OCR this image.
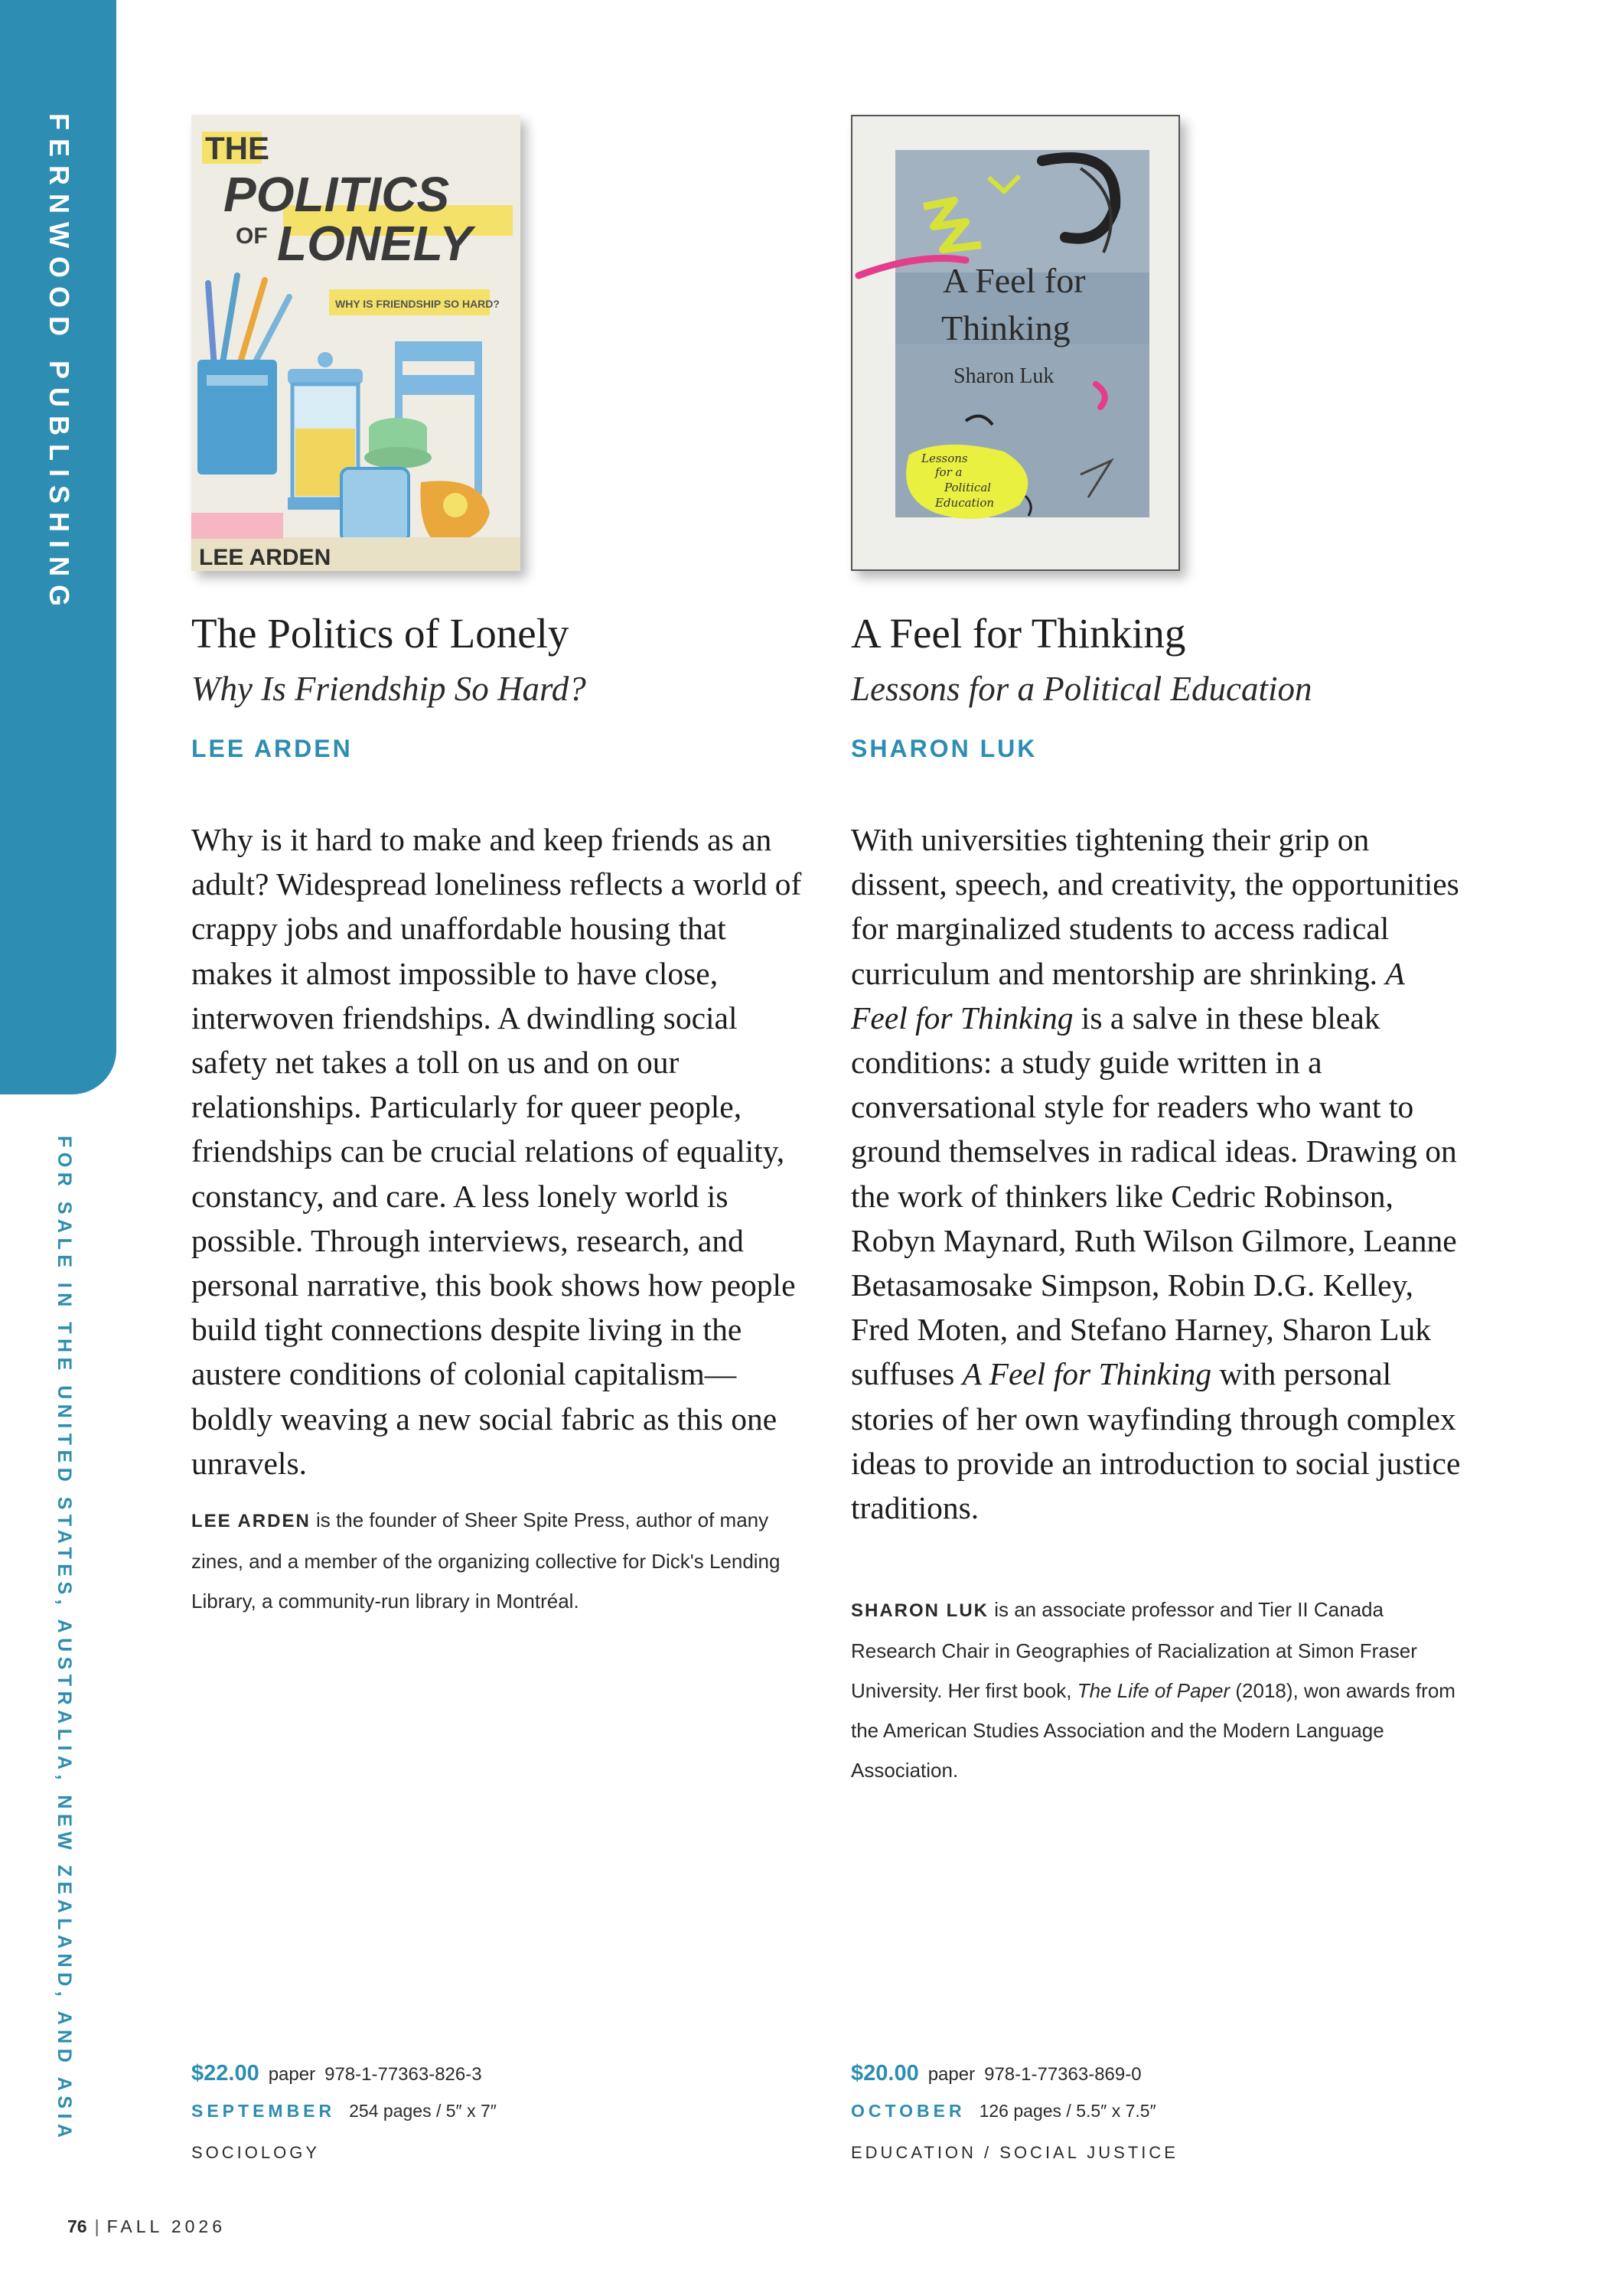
FERNWOOD PUBLISHING
FOR SALE IN THE UNITED STATES, AUSTRALIA, NEW ZEALAND, AND ASIA
THE
POLITICS
OF LONELY
WHY IS FRIENDSHIP SO HARD?
LEE ARDEN
The Politics of Lonely
Why Is Friendship So Hard?
LEE ARDEN
Why is it hard to make and keep friends as an adult? Widespread loneliness reflects a world of crappy jobs and unaffordable housing that makes it almost impossible to have close, interwoven friendships. A dwindling social safety net takes a toll on us and on our relationships. Particularly for queer people, friendships can be crucial relations of equality, constancy, and care. A less lonely world is possible. Through interviews, research, and personal narrative, this book shows how people build tight connections despite living in the austere conditions of colonial capitalism—boldly weaving a new social fabric as this one unravels.
LEE ARDEN is the founder of Sheer Spite Press, author of many zines, and a member of the organizing collective for Dick's Lending Library, a community-run library in Montréal.
$22.00 paper 978-1-77363-826-3
SEPTEMBER 254 pages / 5″ x 7″
SOCIOLOGY
A Feel for
Thinking
Sharon Luk
Lessons
for a
Political
Education
A Feel for Thinking
Lessons for a Political Education
SHARON LUK
With universities tightening their grip on dissent, speech, and creativity, the opportunities for marginalized students to access radical curriculum and mentorship are shrinking. A Feel for Thinking is a salve in these bleak conditions: a study guide written in a conversational style for readers who want to ground themselves in radical ideas. Drawing on the work of thinkers like Cedric Robinson, Robyn Maynard, Ruth Wilson Gilmore, Leanne Betasamosake Simpson, Robin D.G. Kelley, Fred Moten, and Stefano Harney, Sharon Luk suffuses A Feel for Thinking with personal stories of her own wayfinding through complex ideas to provide an introduction to social justice traditions.
SHARON LUK is an associate professor and Tier II Canada Research Chair in Geographies of Racialization at Simon Fraser University. Her first book, The Life of Paper (2018), won awards from the American Studies Association and the Modern Language Association.
$20.00 paper 978-1-77363-869-0
OCTOBER 126 pages / 5.5″ x 7.5″
EDUCATION / SOCIAL JUSTICE
76 | FALL 2026
